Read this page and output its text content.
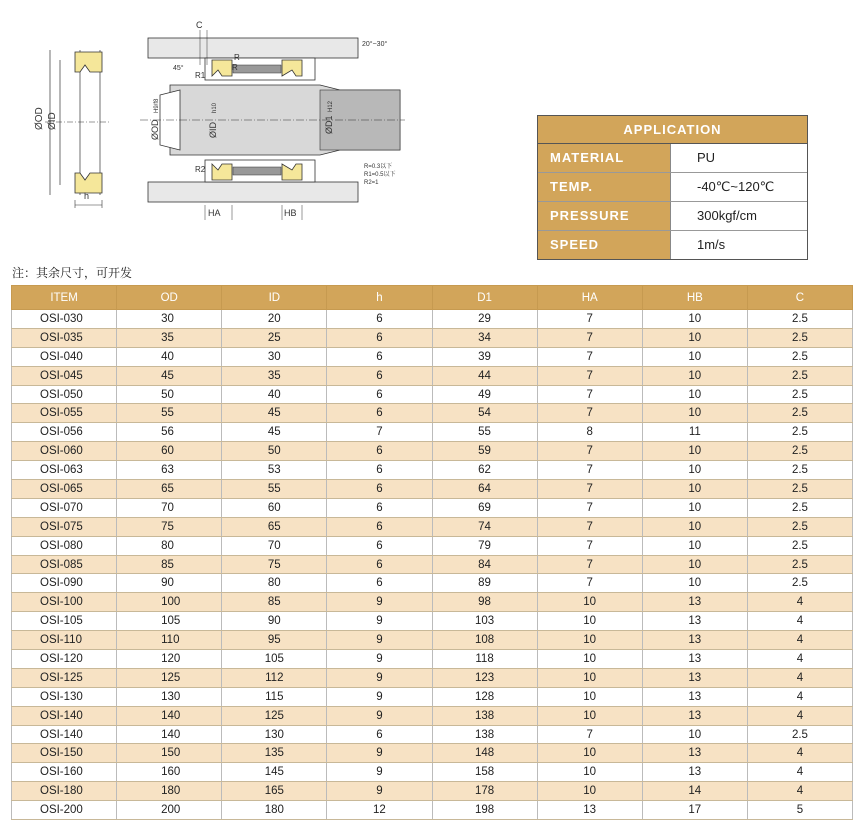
h
ØOD ØID
C
45°
20°~30°
R
R
R1
R2
ØOD
H9/f8
ØID
h10
ØD1
H12
R=0.3以下
R1=0.5以下
R2=1
HA	HB
APPLICATION
MATERIAL	PU
TEMP.	-40℃~120℃
PRESSURE	300kgf/cm
SPEED	1m/s
注：其余尺寸，可开发
ITEM	OD	ID	h	D1	HA	HB	C
OSI-030	30	20	6	29	7	10	2.5
OSI-035	35	25	6	34	7	10	2.5
OSI-040	40	30	6	39	7	10	2.5
OSI-045	45	35	6	44	7	10	2.5
OSI-050	50	40	6	49	7	10	2.5
OSI-055	55	45	6	54	7	10	2.5
OSI-056	56	45	7	55	8	11	2.5
OSI-060	60	50	6	59	7	10	2.5
OSI-063	63	53	6	62	7	10	2.5
OSI-065	65	55	6	64	7	10	2.5
OSI-070	70	60	6	69	7	10	2.5
OSI-075	75	65	6	74	7	10	2.5
OSI-080	80	70	6	79	7	10	2.5
OSI-085	85	75	6	84	7	10	2.5
OSI-090	90	80	6	89	7	10	2.5
OSI-100	100	85	9	98	10	13	4
OSI-105	105	90	9	103	10	13	4
OSI-110	110	95	9	108	10	13	4
OSI-120	120	105	9	118	10	13	4
OSI-125	125	112	9	123	10	13	4
OSI-130	130	115	9	128	10	13	4
OSI-140	140	125	9	138	10	13	4
OSI-140	140	130	6	138	7	10	2.5
OSI-150	150	135	9	148	10	13	4
OSI-160	160	145	9	158	10	13	4
OSI-180	180	165	9	178	10	14	4
OSI-200	200	180	12	198	13	17	5
